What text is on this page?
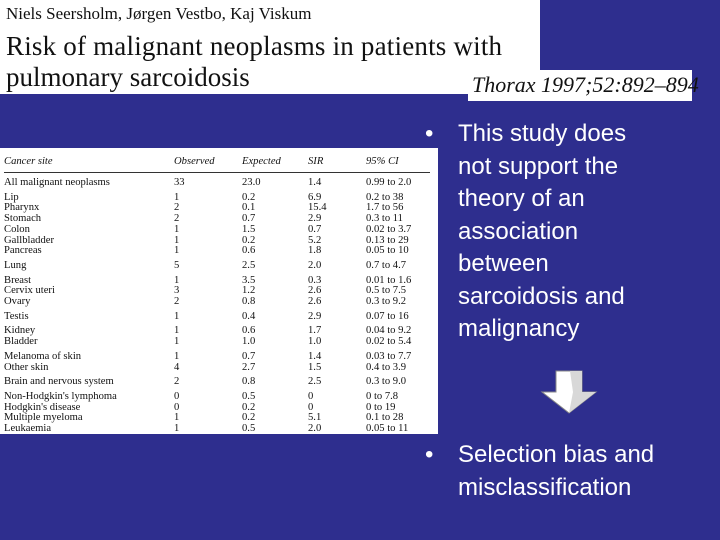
Niels Seersholm, Jørgen Vestbo, Kaj Viskum
Risk of malignant neoplasms in patients with
pulmonary sarcoidosis	Thorax 1997;52:892–894
Cancer site	Observed	Expected	SIR	95% CI

All malignant neoplasms	33	23.0	1.4	0.99 to 2.0
Lip	1	0.2	6.9	0.2 to 38
Pharynx	2	0.1	15.4	1.7 to 56
Stomach	2	0.7	2.9	0.3 to 11
Colon	1	1.5	0.7	0.02 to 3.7
Gallbladder	1	0.2	5.2	0.13 to 29
Pancreas	1	0.6	1.8	0.05 to 10
Lung	5	2.5	2.0	0.7 to 4.7
Breast	1	3.5	0.3	0.01 to 1.6
Cervix uteri	3	1.2	2.6	0.5 to 7.5
Ovary	2	0.8	2.6	0.3 to 9.2
Testis	1	0.4	2.9	0.07 to 16
Kidney	1	0.6	1.7	0.04 to 9.2
Bladder	1	1.0	1.0	0.02 to 5.4
Melanoma of skin	1	0.7	1.4	0.03 to 7.7
Other skin	4	2.7	1.5	0.4 to 3.9
Brain and nervous system	2	0.8	2.5	0.3 to 9.0
Non-Hodgkin's lymphoma	0	0.5	0	0 to 7.8
Hodgkin's disease	0	0.2	0	0 to 19
Multiple myeloma	1	0.2	5.1	0.1 to 28
Leukaemia	1	0.5	2.0	0.05 to 11
• This study does
not support the
theory of an
association
between
sarcoidosis and
malignancy
• Selection bias and
misclassification
